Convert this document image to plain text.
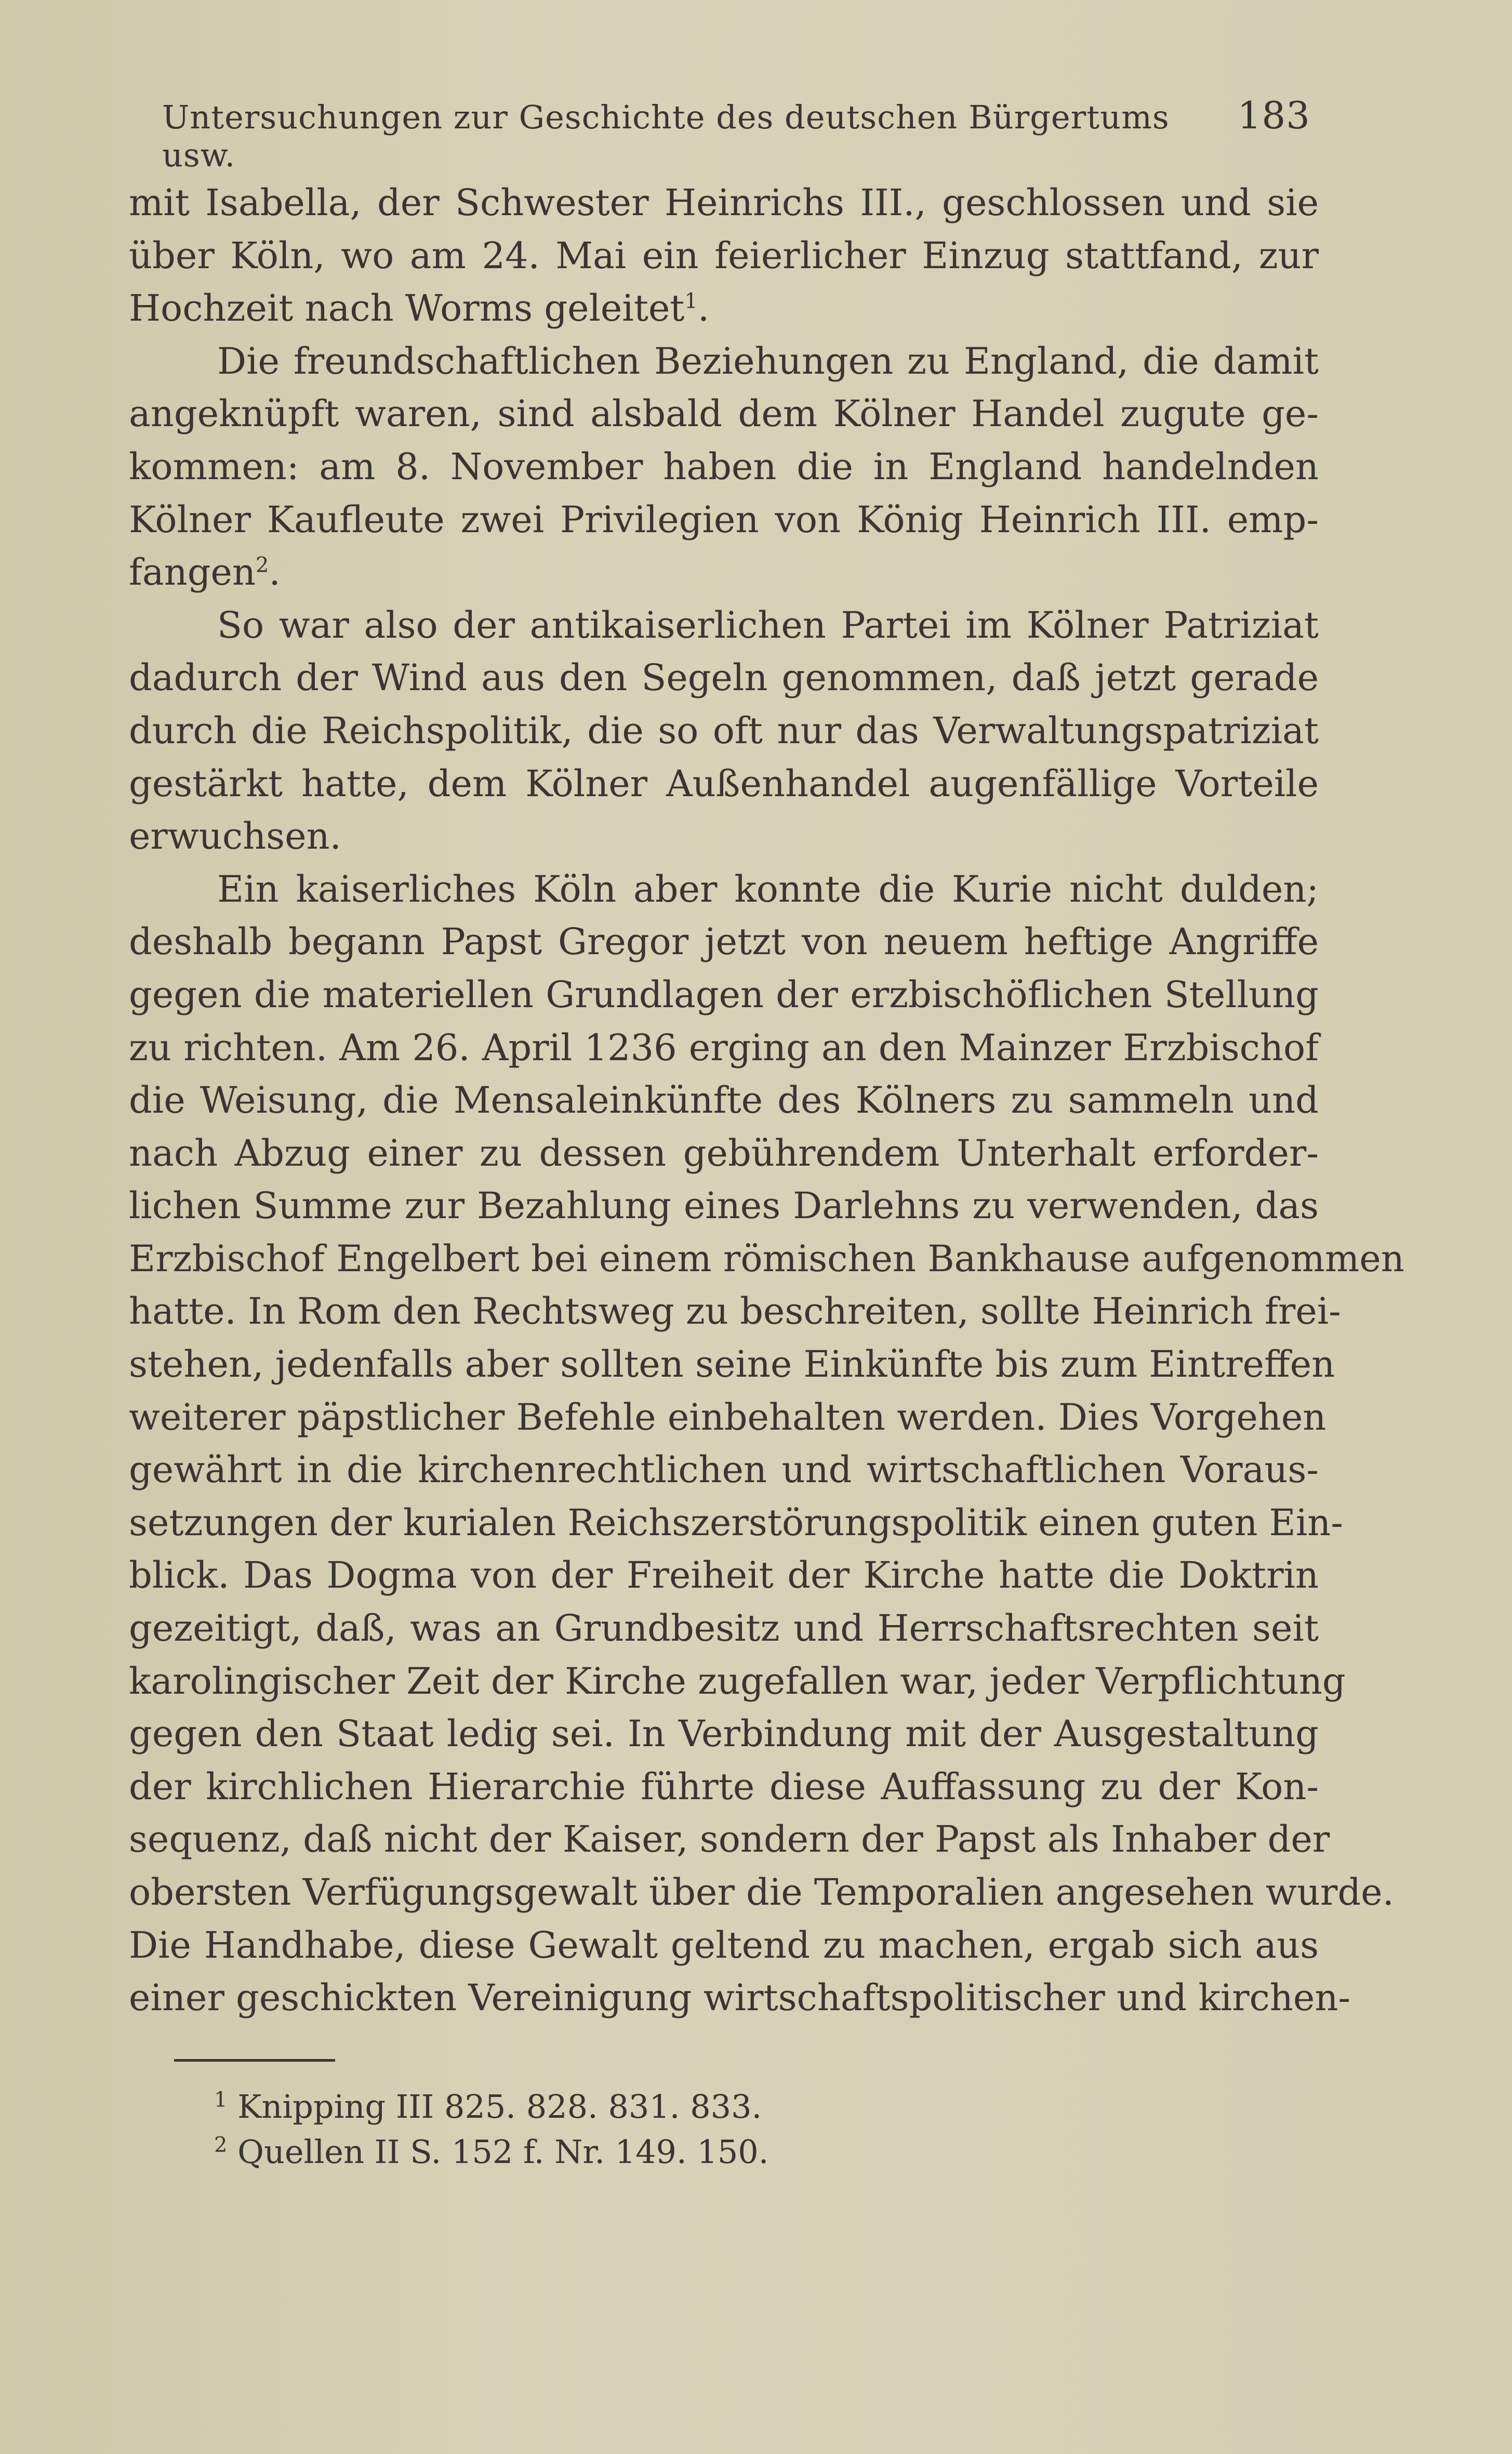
Untersuchungen zur Geschichte des deutschen Bürgertums usw.
183
mit Isabella, der Schwester Heinrichs III., geschlossen und sie
über Köln, wo am 24. Mai ein feierlicher Einzug stattfand, zur
Hochzeit nach Worms geleitet$^1$.
Die freundschaftlichen Beziehungen zu England, die damit
angeknüpft waren, sind alsbald dem Kölner Handel zugute ge-
kommen: am 8. November haben die in England handelnden
Kölner Kaufleute zwei Privilegien von König Heinrich III. emp-
fangen$^2$.
So war also der antikaiserlichen Partei im Kölner Patriziat
dadurch der Wind aus den Segeln genommen, daß jetzt gerade
durch die Reichspolitik, die so oft nur das Verwaltungspatriziat
gestärkt hatte, dem Kölner Außenhandel augenfällige Vorteile
erwuchsen.
Ein kaiserliches Köln aber konnte die Kurie nicht dulden;
deshalb begann Papst Gregor jetzt von neuem heftige Angriffe
gegen die materiellen Grundlagen der erzbischöflichen Stellung
zu richten. Am 26. April 1236 erging an den Mainzer Erzbischof
die Weisung, die Mensaleinkünfte des Kölners zu sammeln und
nach Abzug einer zu dessen gebührendem Unterhalt erforder-
lichen Summe zur Bezahlung eines Darlehns zu verwenden, das
Erzbischof Engelbert bei einem römischen Bankhause aufgenommen
hatte. In Rom den Rechtsweg zu beschreiten, sollte Heinrich frei-
stehen, jedenfalls aber sollten seine Einkünfte bis zum Eintreffen
weiterer päpstlicher Befehle einbehalten werden. Dies Vorgehen
gewährt in die kirchenrechtlichen und wirtschaftlichen Voraus-
setzungen der kurialen Reichszerstörungspolitik einen guten Ein-
blick. Das Dogma von der Freiheit der Kirche hatte die Doktrin
gezeitigt, daß, was an Grundbesitz und Herrschaftsrechten seit
karolingischer Zeit der Kirche zugefallen war, jeder Verpflichtung
gegen den Staat ledig sei. In Verbindung mit der Ausgestaltung
der kirchlichen Hierarchie führte diese Auffassung zu der Kon-
sequenz, daß nicht der Kaiser, sondern der Papst als Inhaber der
obersten Verfügungsgewalt über die Temporalien angesehen wurde.
Die Handhabe, diese Gewalt geltend zu machen, ergab sich aus
einer geschickten Vereinigung wirtschaftspolitischer und kirchen-
$^1$ Knipping III 825. 828. 831. 833.
$^2$ Quellen II S. 152 f. Nr. 149. 150.
